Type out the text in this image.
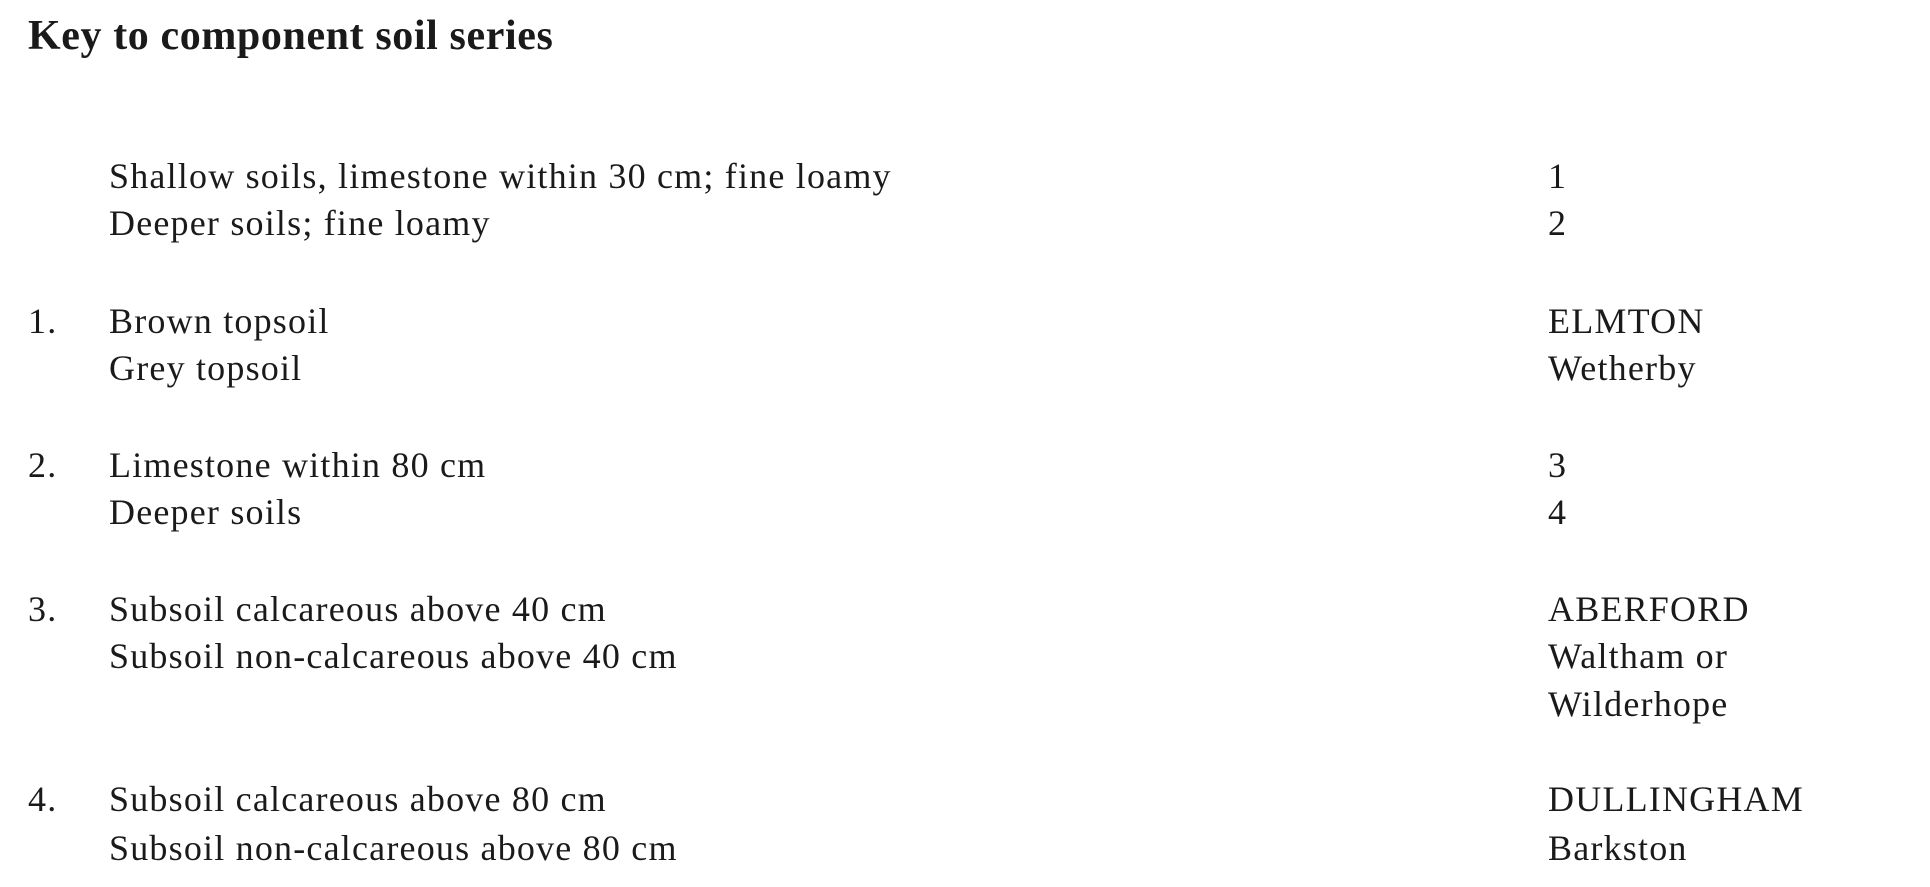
Key to component soil series
Shallow soils, limestone within 30 cm; fine loamy	1
Deeper soils; fine loamy	2
1. Brown topsoil	ELMTON
Grey topsoil	Wetherby
2. Limestone within 80 cm	3
Deeper soils	4
3. Subsoil calcareous above 40 cm	ABERFORD
Subsoil non-calcareous above 40 cm	Waltham or
Wilderhope
4. Subsoil calcareous above 80 cm	DULLINGHAM
Subsoil non-calcareous above 80 cm	Barkston
